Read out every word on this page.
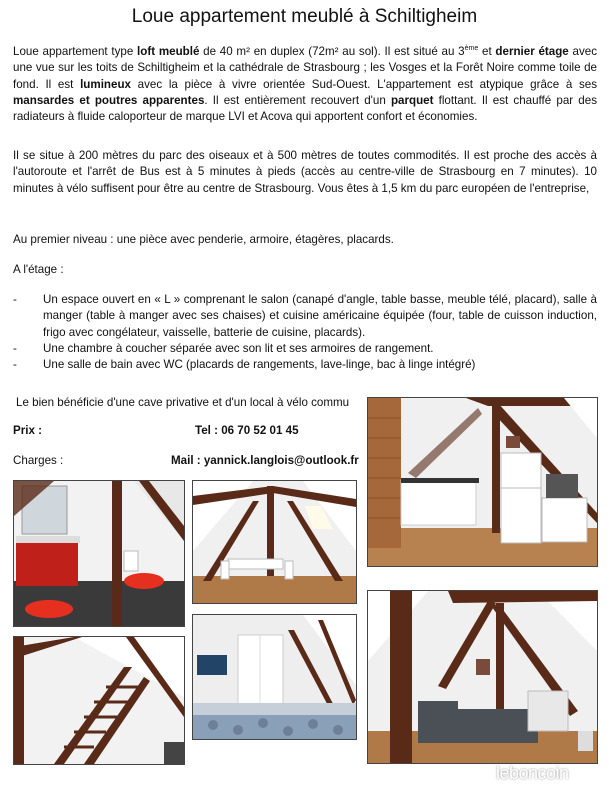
Loue appartement meublé à Schiltigheim
Loue appartement type loft meublé de 40 m² en duplex (72m² au sol). Il est situé au 3ème et dernier étage avec une vue sur les toits de Schiltigheim et la cathédrale de Strasbourg ; les Vosges et la Forêt Noire comme toile de fond. Il est lumineux avec la pièce à vivre orientée Sud-Ouest. L'appartement est atypique grâce à ses mansardes et poutres apparentes. Il est entièrement recouvert d'un parquet flottant. Il est chauffé par des radiateurs à fluide caloporteur de marque LVI et Acova qui apportent confort et économies.
Il se situe à 200 mètres du parc des oiseaux et à 500 mètres de toutes commodités. Il est proche des accès à l'autoroute et l'arrêt de Bus est à 5 minutes à pieds (accès au centre-ville de Strasbourg en 7 minutes). 10 minutes à vélo suffisent pour être au centre de Strasbourg. Vous êtes à 1,5 km du parc européen de l'entreprise,
Au premier niveau : une pièce avec penderie, armoire, étagères, placards.
A l'étage :
-	Un espace ouvert en « L » comprenant le salon (canapé d'angle, table basse, meuble télé, placard), salle à manger (table à manger avec ses chaises) et cuisine américaine équipée (four, table de cuisson induction, frigo avec congélateur, vaisselle, batterie de cuisine, placards).
-	Une chambre à coucher séparée avec son lit et ses armoires de rangement.
-	Une salle de bain avec WC (placards de rangements, lave-linge, bac à linge intégré)
Le bien bénéficie d'une cave privative et d'un local à vélo commu
Prix :	Tel : 06 70 52 01 45
Charges :	Mail : yannick.langlois@outlook.fr
leboncoin
